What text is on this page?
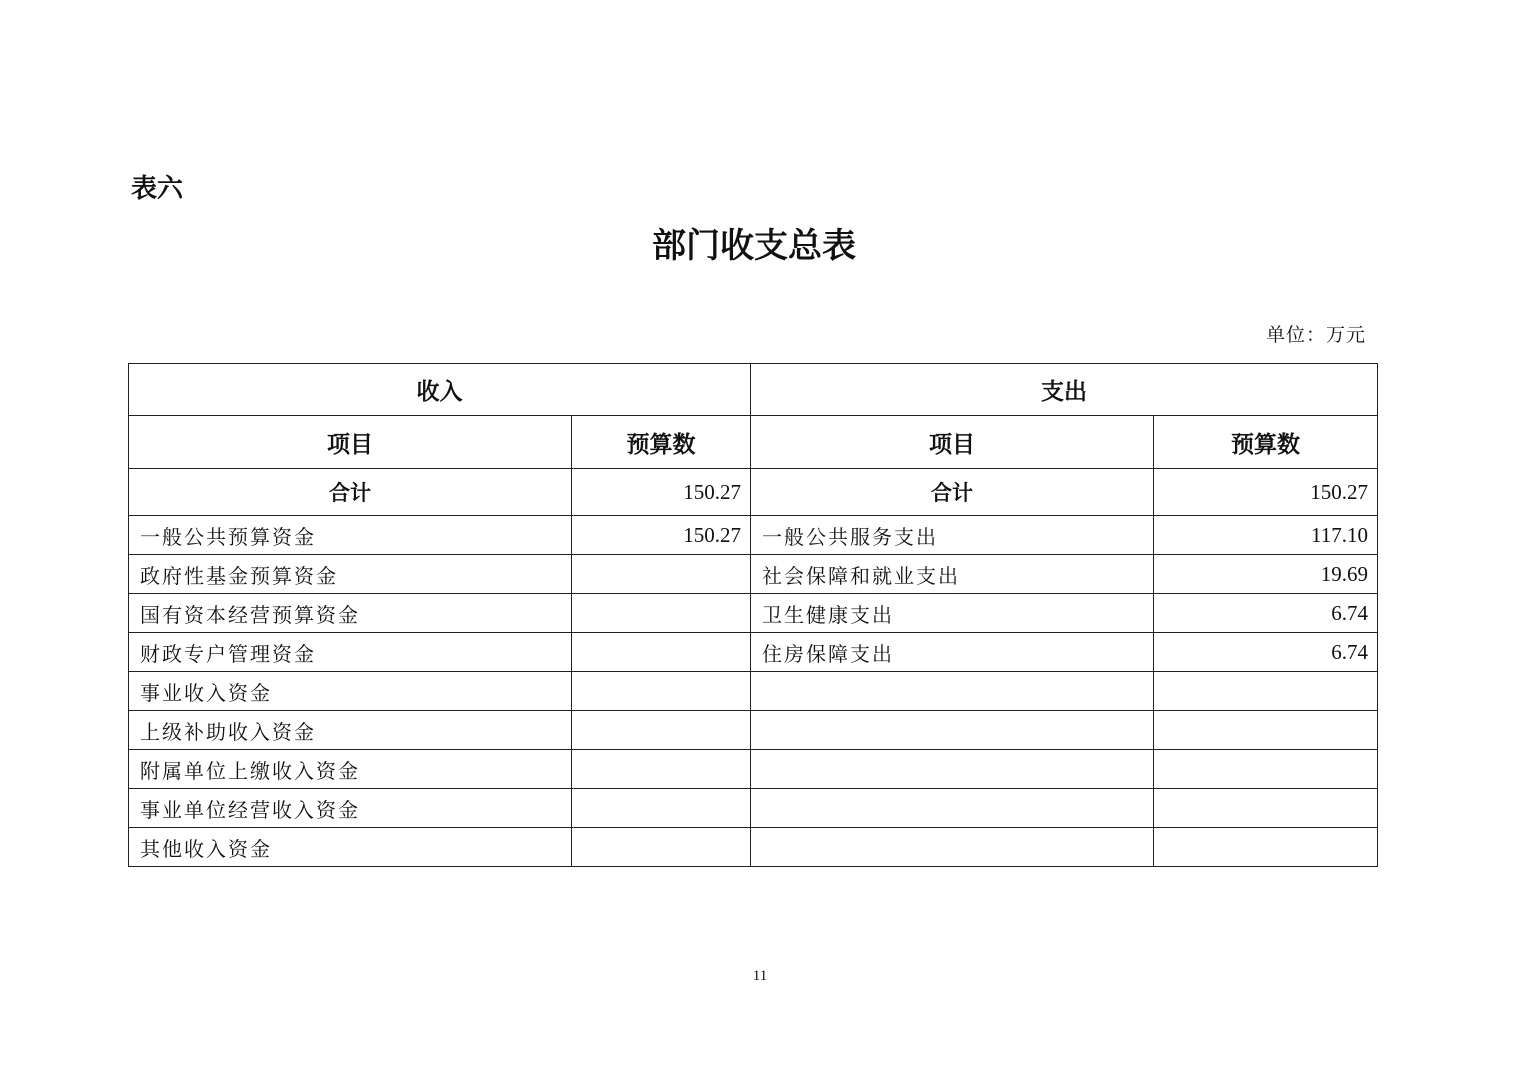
表六
部门收支总表
单位：万元
收入		支出	
项目	预算数	项目	预算数
合计	150.27	合计	150.27
一般公共预算资金	150.27	一般公共服务支出	117.10
政府性基金预算资金		社会保障和就业支出	19.69
国有资本经营预算资金		卫生健康支出	6.74
财政专户管理资金		住房保障支出	6.74
事业收入资金			
上级补助收入资金			
附属单位上缴收入资金			
事业单位经营收入资金			
其他收入资金			
11
